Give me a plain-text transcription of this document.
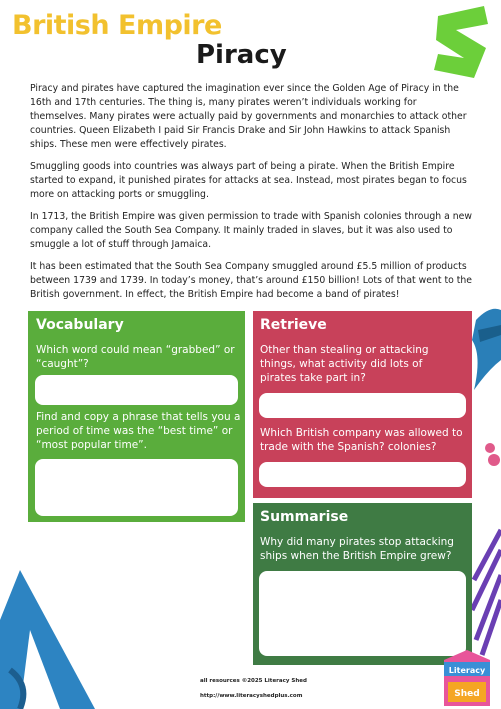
British Empire
Piracy

Piracy and pirates have captured the imagination ever since the Golden Age of Piracy in the 16th and 17th centuries. The thing is, many pirates weren’t individuals working for themselves. Many pirates were actually paid by governments and monarchies to attack other countries. Queen Elizabeth I paid Sir Francis Drake and Sir John Hawkins to attack Spanish ships. These men were effectively pirates.

Smuggling goods into countries was always part of being a pirate. When the British Empire started to expand, it punished pirates for attacks at sea. Instead, most pirates began to focus more on attacking ports or smuggling.

In 1713, the British Empire was given permission to trade with Spanish colonies through a new company called the South Sea Company. It mainly traded in slaves, but it was also used to smuggle a lot of stuff through Jamaica.

It has been estimated that the South Sea Company smuggled around £5.5 million of products between 1739 and 1739. In today’s money, that’s around £150 billion! Lots of that went to the British government. In effect, the British Empire had become a band of pirates!

Vocabulary
Which word could mean “grabbed” or “caught”?
Find and copy a phrase that tells you a period of time was the “best time” or “most popular time”.
Retrieve
Other than stealing or attacking things, what activity did lots of pirates take part in?
Which British company was allowed to trade with the Spanish? colonies?
Summarise
Why did many pirates stop attacking ships when the British Empire grew?
all resources ©2025 Literacy Shed
http://www.literacyshedplus.com
Literacy
Shed
